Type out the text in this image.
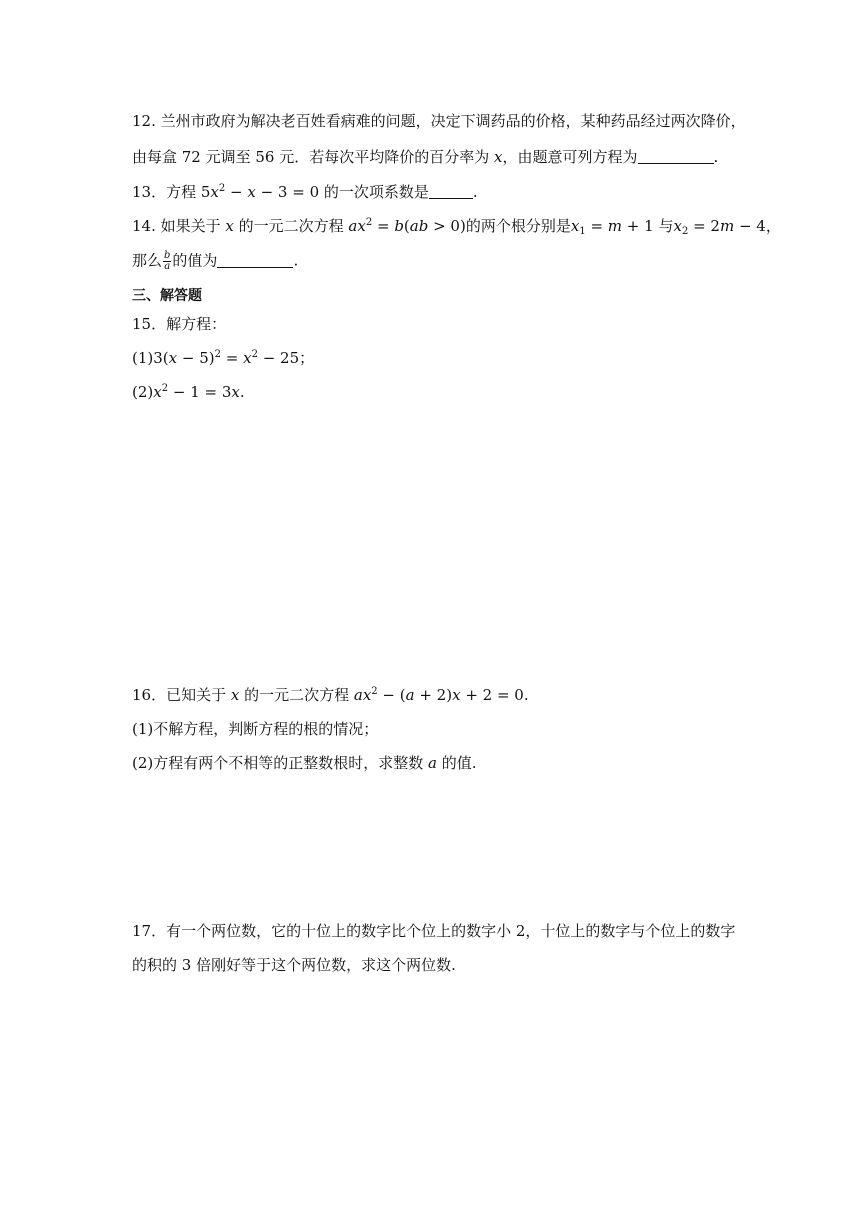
12. 兰州市政府为解决老百姓看病难的问题，决定下调药品的价格，某种药品经过两次降价，
由每盒 72 元调至 56 元．若每次平均降价的百分率为 x，由题意可列方程为	.
13．方程 $5x^2 - x - 3 = 0$ 的一次项系数是	.
14. 如果关于 x 的一元二次方程 $ax^2 = b(ab > 0)$的两个根分别是$x_1 = m + 1$ 与$x_2 = 2m - 4$，
那么 $\frac{b}{a}$ 的值为	.
三、解答题
15．解方程：
$(1)3(x - 5)^2 = x^2 - 25$；
$(2)x^2 - 1 = 3x$.
16．已知关于 x 的一元二次方程 $ax^2 - (a + 2)x + 2 = 0$.
(1)不解方程，判断方程的根的情况；
(2)方程有两个不相等的正整数根时，求整数 a 的值.
17．有一个两位数，它的十位上的数字比个位上的数字小 2，十位上的数字与个位上的数字
的积的 3 倍刚好等于这个两位数，求这个两位数.
